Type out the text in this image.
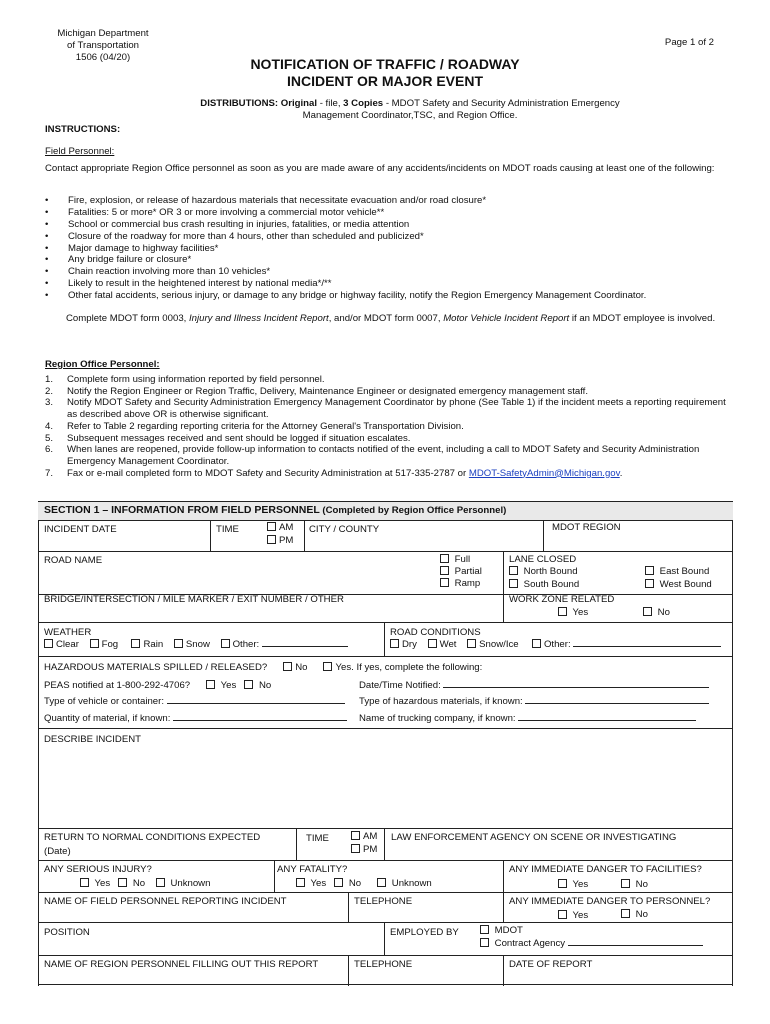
Michigan Department
of Transportation
1506 (04/20)
Page 1 of 2
NOTIFICATION OF TRAFFIC / ROADWAY
INCIDENT OR MAJOR EVENT
DISTRIBUTIONS: Original - file, 3 Copies - MDOT Safety and Security Administration Emergency
Management Coordinator,TSC, and Region Office.
INSTRUCTIONS:
Field Personnel:
Contact appropriate Region Office personnel as soon as you are made aware of any accidents/incidents on MDOT roads causing at least one of the following:
• Fire, explosion, or release of hazardous materials that necessitate evacuation and/or road closure*
• Fatalities: 5 or more* OR 3 or more involving a commercial motor vehicle**
• School or commercial bus crash resulting in injuries, fatalities, or media attention
• Closure of the roadway for more than 4 hours, other than scheduled and publicized*
• Major damage to highway facilities*
• Any bridge failure or closure*
• Chain reaction involving more than 10 vehicles*
• Likely to result in the heightened interest by national media*/**
• Other fatal accidents, serious injury, or damage to any bridge or highway facility, notify the Region Emergency Management Coordinator.
Complete MDOT form 0003, Injury and Illness Incident Report, and/or MDOT form 0007, Motor Vehicle Incident Report if an MDOT employee is involved.
Region Office Personnel:
1. Complete form using information reported by field personnel.
2. Notify the Region Engineer or Region Traffic, Delivery, Maintenance Engineer or designated emergency management staff.
3. Notify MDOT Safety and Security Administration Emergency Management Coordinator by phone (See Table 1) if the incident meets a reporting requirement as described above OR is otherwise significant.
4. Refer to Table 2 regarding reporting criteria for the Attorney General's Transportation Division.
5. Subsequent messages received and sent should be logged if situation escalates.
6. When lanes are reopened, provide follow-up information to contacts notified of the event, including a call to MDOT Safety and Security Administration Emergency Management Coordinator.
7. Fax or e-mail completed form to MDOT Safety and Security Administration at 517-335-2787 or MDOT-SafetyAdmin@Michigan.gov.
SECTION 1 – INFORMATION FROM FIELD PERSONNEL (Completed by Region Office Personnel)
INCIDENT DATE	TIME	AM
PM
CITY / COUNTY	MDOT REGION
ROAD NAME	Full
Partial
Ramp
LANE CLOSED
North Bound
South Bound
East Bound
West Bound
BRIDGE/INTERSECTION / MILE MARKER / EXIT NUMBER / OTHER	WORK ZONE RELATED
Yes	No
WEATHER
Clear Fog	Rain Snow Other:
ROAD CONDITIONS
Dry Wet Snow/Ice	Other:
HAZARDOUS MATERIALS SPILLED / RELEASED?	No	Yes. If yes, complete the following:
PEAS notified at 1-800-292-4706?	Yes No	Date/Time Notified:
Type of vehicle or container:	Type of hazardous materials, if known:
Quantity of material, if known:	Name of trucking company, if known:
DESCRIBE INCIDENT
RETURN TO NORMAL CONDITIONS EXPECTED
(Date)
TIME	AM
PM
LAW ENFORCEMENT AGENCY ON SCENE OR INVESTIGATING
ANY SERIOUS INJURY?
Yes No	Unknown
ANY FATALITY?
Yes No	Unknown
ANY IMMEDIATE DANGER TO FACILITIES?
Yes	No
NAME OF FIELD PERSONNEL REPORTING INCIDENT	TELEPHONE	ANY IMMEDIATE DANGER TO PERSONNEL?
Yes	No
POSITION	EMPLOYED BY	MDOT
Contract Agency
NAME OF REGION PERSONNEL FILLING OUT THIS REPORT	TELEPHONE	DATE OF REPORT
